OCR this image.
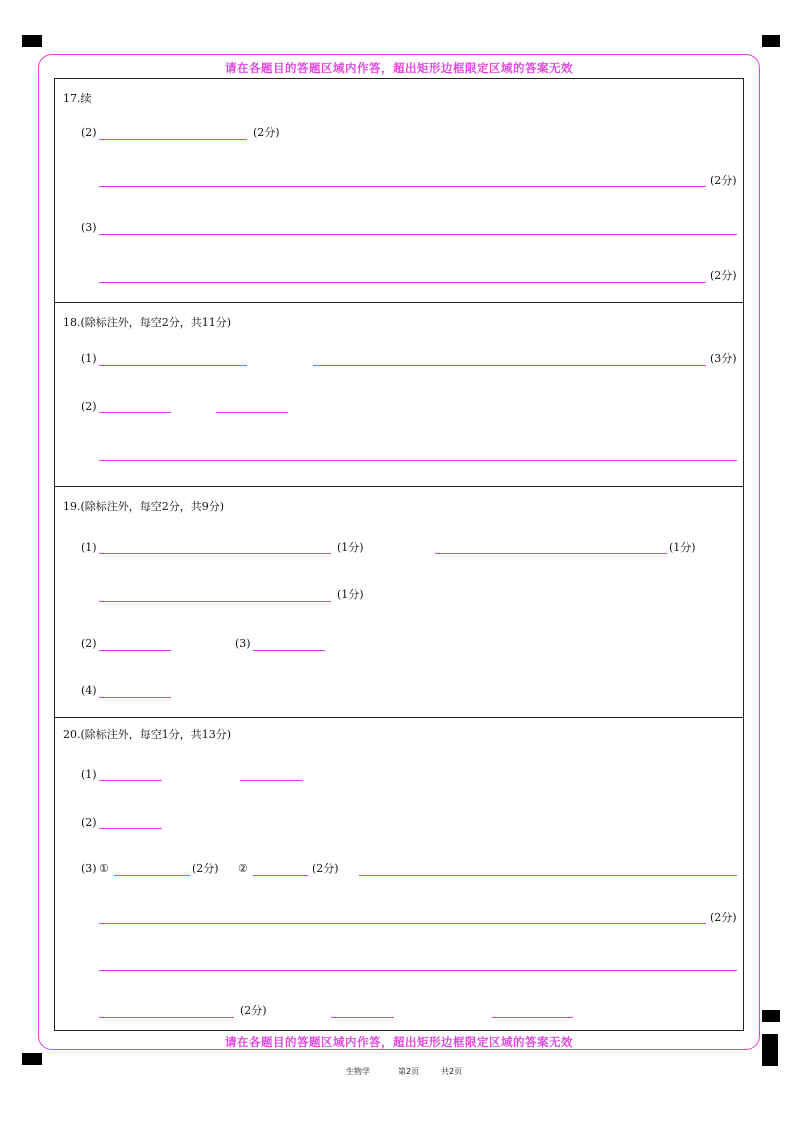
请在各题目的答题区域内作答，超出矩形边框限定区域的答案无效
请在各题目的答题区域内作答，超出矩形边框限定区域的答案无效
17.续
(2)	(2分)
(2分)
(3)
(2分)
18.(除标注外，每空2分，共11分)
(1)	(3分)
(2)
19.(除标注外，每空2分，共9分)
(1)	(1分)	(1分)
(1分)
(2)	(3)
(4)
20.(除标注外，每空1分，共13分)
(1)
(2)
(3) ①	(2分) ②	(2分)
(2分)
(2分)
生物学	第2页	共2页
